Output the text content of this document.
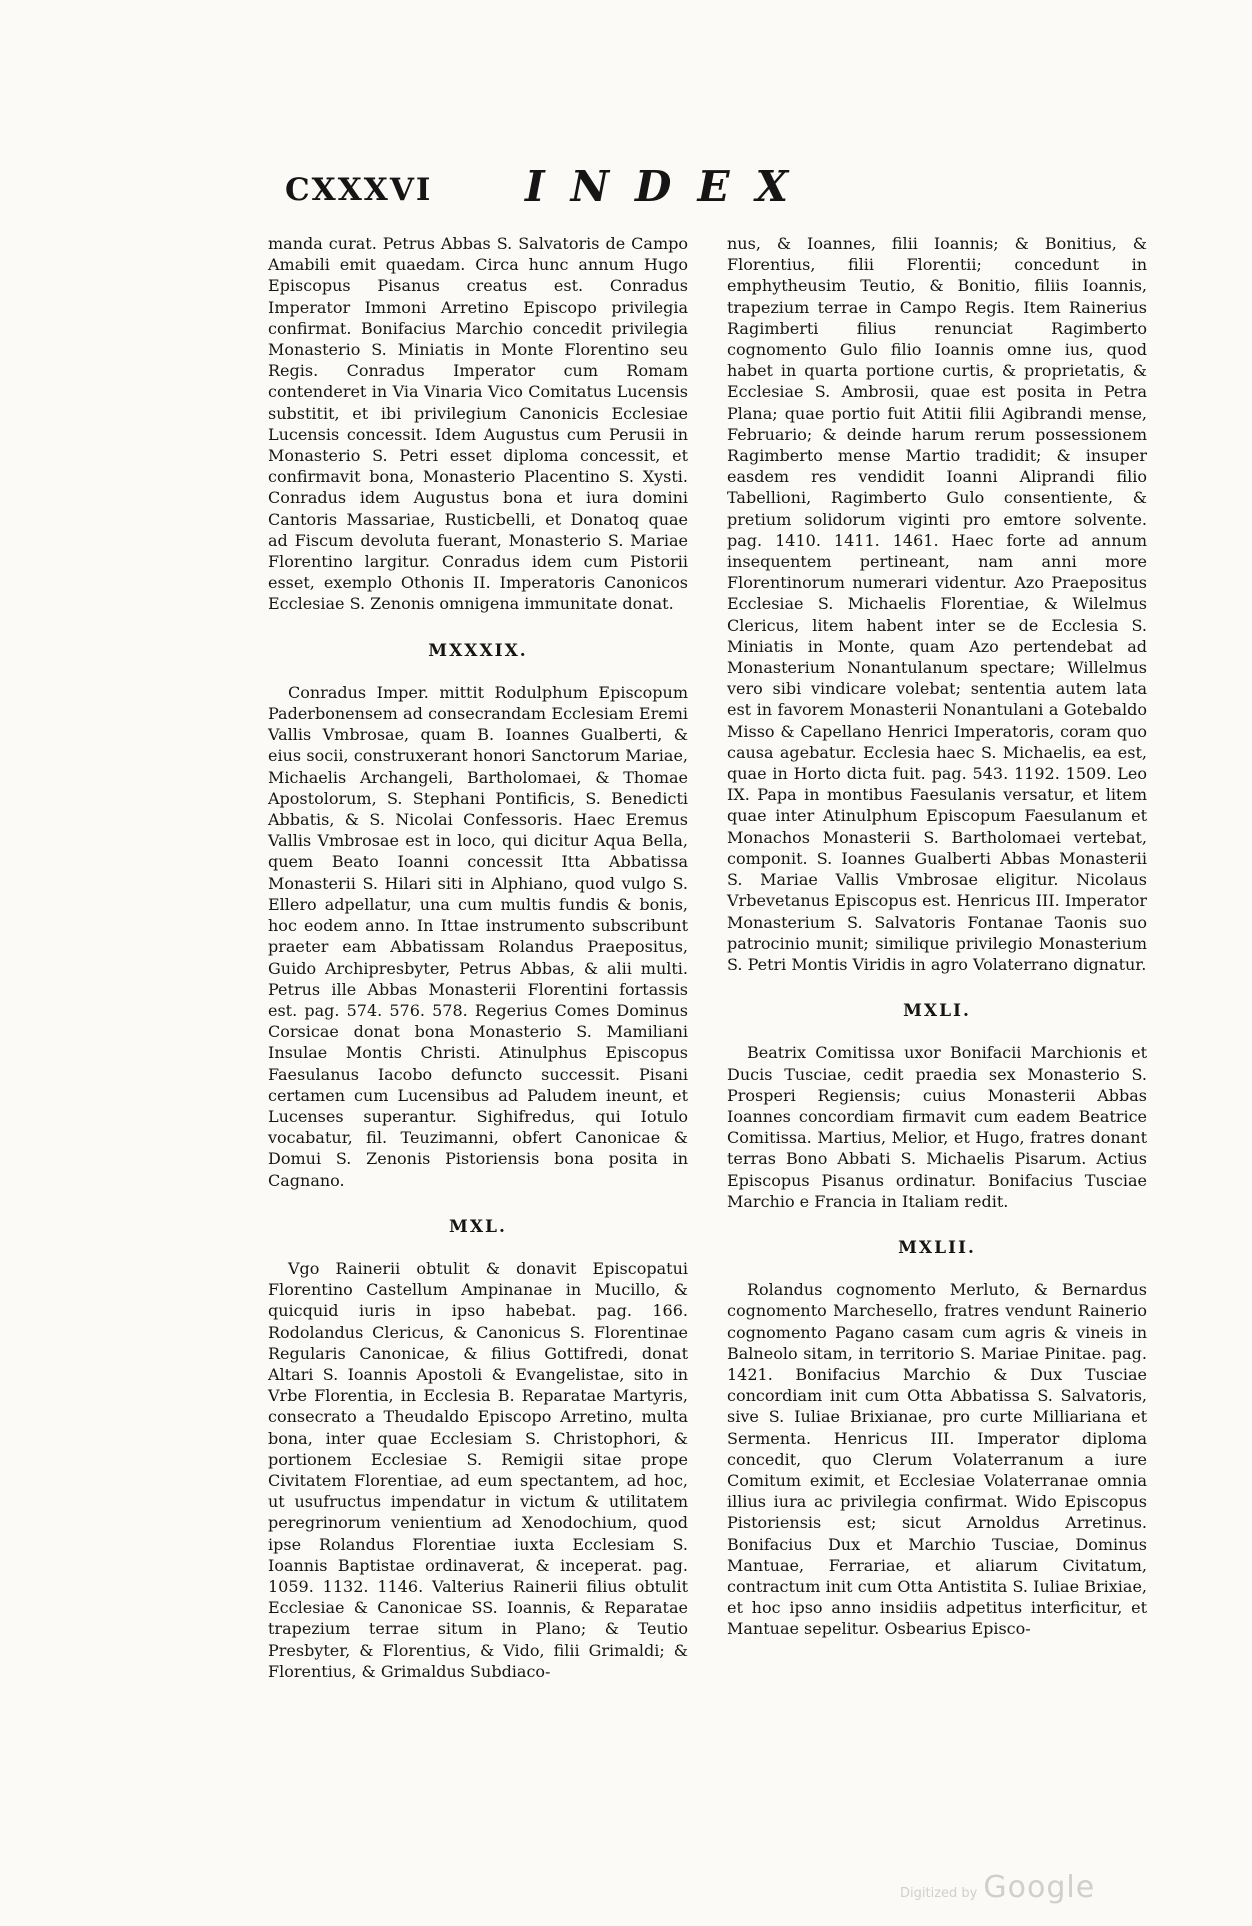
CXXXVI INDEX

manda curat. Petrus Abbas S. Salvatoris de Campo Amabili emit quaedam. Circa hunc annum Hugo Episcopus Pisanus creatus est. Conradus Imperator Immoni Arretino Episcopo privilegia confirmat. Bonifacius Marchio concedit privilegia Monasterio S. Miniatis in Monte Florentino seu Regis. Conradus Imperator cum Romam contenderet in Via Vinaria Vico Comitatus Lucensis substitit, et ibi privilegium Canonicis Ecclesiae Lucensis concessit. Idem Augustus cum Perusii in Monasterio S. Petri esset diploma concessit, et confirmavit bona, Monasterio Placentino S. Xysti. Conradus idem Augustus bona et iura domini Cantoris Massariae, Rusticbelli, et Donatoq quae ad Fiscum devoluta fuerant, Monasterio S. Mariae Florentino largitur. Conradus idem cum Pistorii esset, exemplo Othonis II. Imperatoris Canonicos Ecclesiae S. Zenonis omnigena immunitate donat.

MXXXIX.

Conradus Imper. mittit Rodulphum Episcopum Paderbonensem ad consecrandam Ecclesiam Eremi Vallis Vmbrosae, quam B. Ioannes Gualberti, & eius socii, construxerant honori Sanctorum Mariae, Michaelis Archangeli, Bartholomaei, & Thomae Apostolorum, S. Stephani Pontificis, S. Benedicti Abbatis, & S. Nicolai Confessoris. Haec Eremus Vallis Vmbrosae est in loco, qui dicitur Aqua Bella, quem Beato Ioanni concessit Itta Abbatissa Monasterii S. Hilari siti in Alphiano, quod vulgo S. Ellero adpellatur, una cum multis fundis & bonis, hoc eodem anno. In Ittae instrumento subscribunt praeter eam Abbatissam Rolandus Praepositus, Guido Archipresbyter, Petrus Abbas, & alii multi. Petrus ille Abbas Monasterii Florentini fortassis est. pag. 574. 576. 578. Regerius Comes Dominus Corsicae donat bona Monasterio S. Mamiliani Insulae Montis Christi. Atinulphus Episcopus Faesulanus Iacobo defuncto successit. Pisani certamen cum Lucensibus ad Paludem ineunt, et Lucenses superantur. Sighifredus, qui Iotulo vocabatur, fil. Teuzimanni, obfert Canonicae & Domui S. Zenonis Pistoriensis bona posita in Cagnano.

MXL.

Vgo Rainerii obtulit & donavit Episcopatui Florentino Castellum Ampinanae in Mucillo, & quicquid iuris in ipso habebat. pag. 166. Rodolandus Clericus, & Canonicus S. Florentinae Regularis Canonicae, & filius Gottifredi, donat Altari S. Ioannis Apostoli & Evangelistae, sito in Vrbe Florentia, in Ecclesia B. Reparatae Martyris, consecrato a Theudaldo Episcopo Arretino, multa bona, inter quae Ecclesiam S. Christophori, & portionem Ecclesiae S. Remigii sitae prope Civitatem Florentiae, ad eum spectantem, ad hoc, ut usufructus impendatur in victum & utilitatem peregrinorum venientium ad Xenodochium, quod ipse Rolandus Florentiae iuxta Ecclesiam S. Ioannis Baptistae ordinaverat, & inceperat. pag. 1059. 1132. 1146. Valterius Rainerii filius obtulit Ecclesiae & Canonicae SS. Ioannis, & Reparatae trapezium terrae situm in Plano; & Teutio Presbyter, & Florentius, & Vido, filii Grimaldi; & Florentius, & Grimaldus Subdiaco-

nus, & Ioannes, filii Ioannis; & Bonitius, & Florentius, filii Florentii; concedunt in emphytheusim Teutio, & Bonitio, filiis Ioannis, trapezium terrae in Campo Regis. Item Rainerius Ragimberti filius renunciat Ragimberto cognomento Gulo filio Ioannis omne ius, quod habet in quarta portione curtis, & proprietatis, & Ecclesiae S. Ambrosii, quae est posita in Petra Plana; quae portio fuit Atitii filii Agibrandi mense, Februario; & deinde harum rerum possessionem Ragimberto mense Martio tradidit; & insuper easdem res vendidit Ioanni Aliprandi filio Tabellioni, Ragimberto Gulo consentiente, & pretium solidorum viginti pro emtore solvente. pag. 1410. 1411. 1461. Haec forte ad annum insequentem pertineant, nam anni more Florentinorum numerari videntur. Azo Praepositus Ecclesiae S. Michaelis Florentiae, & Wilelmus Clericus, litem habent inter se de Ecclesia S. Miniatis in Monte, quam Azo pertendebat ad Monasterium Nonantulanum spectare; Willelmus vero sibi vindicare volebat; sententia autem lata est in favorem Monasterii Nonantulani a Gotebaldo Misso & Capellano Henrici Imperatoris, coram quo causa agebatur. Ecclesia haec S. Michaelis, ea est, quae in Horto dicta fuit. pag. 543. 1192. 1509. Leo IX. Papa in montibus Faesulanis versatur, et litem quae inter Atinulphum Episcopum Faesulanum et Monachos Monasterii S. Bartholomaei vertebat, componit. S. Ioannes Gualberti Abbas Monasterii S. Mariae Vallis Vmbrosae eligitur. Nicolaus Vrbevetanus Episcopus est. Henricus III. Imperator Monasterium S. Salvatoris Fontanae Taonis suo patrocinio munit; similique privilegio Monasterium S. Petri Montis Viridis in agro Volaterrano dignatur.

MXLI.

Beatrix Comitissa uxor Bonifacii Marchionis et Ducis Tusciae, cedit praedia sex Monasterio S. Prosperi Regiensis; cuius Monasterii Abbas Ioannes concordiam firmavit cum eadem Beatrice Comitissa. Martius, Melior, et Hugo, fratres donant terras Bono Abbati S. Michaelis Pisarum. Actius Episcopus Pisanus ordinatur. Bonifacius Tusciae Marchio e Francia in Italiam redit.

MXLII.

Rolandus cognomento Merluto, & Bernardus cognomento Marchesello, fratres vendunt Rainerio cognomento Pagano casam cum agris & vineis in Balneolo sitam, in territorio S. Mariae Pinitae. pag. 1421. Bonifacius Marchio & Dux Tusciae concordiam init cum Otta Abbatissa S. Salvatoris, sive S. Iuliae Brixianae, pro curte Milliariana et Sermenta. Henricus III. Imperator diploma concedit, quo Clerum Volaterranum a iure Comitum eximit, et Ecclesiae Volaterranae omnia illius iura ac privilegia confirmat. Wido Episcopus Pistoriensis est; sicut Arnoldus Arretinus. Bonifacius Dux et Marchio Tusciae, Dominus Mantuae, Ferrariae, et aliarum Civitatum, contractum init cum Otta Antistita S. Iuliae Brixiae, et hoc ipso anno insidiis adpetitus interficitur, et Mantuae sepelitur. Osbearius Episco-

Digitized by Google
